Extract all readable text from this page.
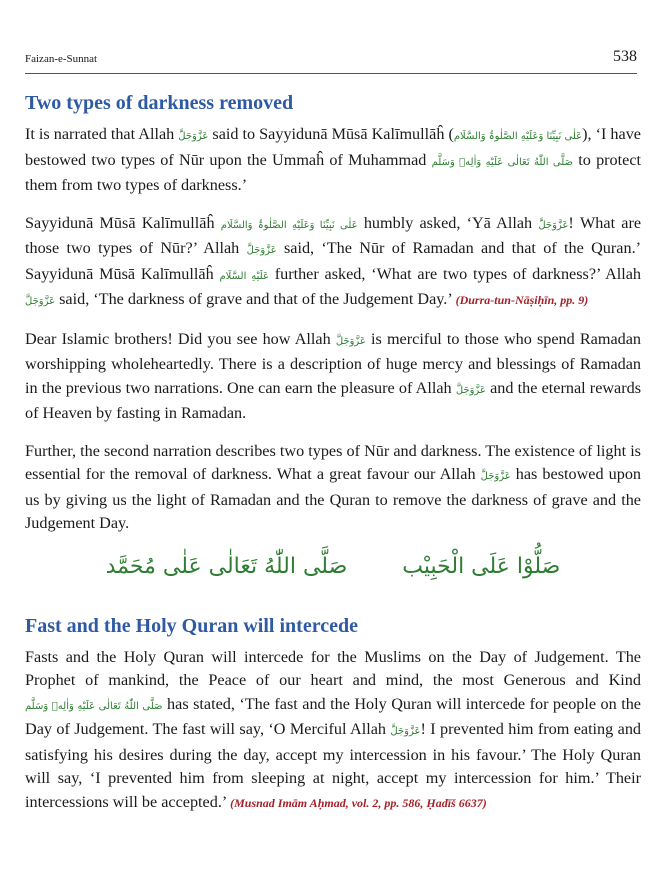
Faizan-e-Sunnat	538
Two types of darkness removed

It is narrated that Allah عَزَّوَجَلَّ said to Sayyidunā Mūsā Kalīmullāĥ (عَلٰی نَبِیِّنَا وَعَلَیْهِ الصَّلٰوۃُ وَالسَّلَام), ‘I have bestowed two types of Nūr upon the Ummaĥ of Muhammad صَلَّی اللّٰهُ تَعَالٰی عَلَیْهِ وَاٰلِهٖ وَسَلَّم to protect them from two types of darkness.’

Sayyidunā Mūsā Kalīmullāĥ عَلٰی نَبِیِّنَا وَعَلَیْهِ الصَّلٰوۃُ وَالسَّلَام humbly asked, ‘Yā Allah عَزَّوَجَلَّ! What are those two types of Nūr?’ Allah عَزَّوَجَلَّ said, ‘The Nūr of Ramadan and that of the Quran.’ Sayyidunā Mūsā Kalīmullāĥ عَلَیْهِ السَّلَام further asked, ‘What are two types of darkness?’ Allah عَزَّوَجَلَّ said, ‘The darkness of grave and that of the Judgement Day.’ (Durra-tun-Nāṣiḥīn, pp. 9)

Dear Islamic brothers! Did you see how Allah عَزَّوَجَلَّ is merciful to those who spend Ramadan worshipping wholeheartedly. There is a description of huge mercy and blessings of Ramadan in the previous two narrations. One can earn the pleasure of Allah عَزَّوَجَلَّ and the eternal rewards of Heaven by fasting in Ramadan.

Further, the second narration describes two types of Nūr and darkness. The existence of light is essential for the removal of darkness. What a great favour our Allah عَزَّوَجَلَّ has bestowed upon us by giving us the light of Ramadan and the Quran to remove the darkness of grave and the Judgement Day.

صَلُّوْا عَلَی الْحَبِیْب صَلَّی اللّٰهُ تَعَالٰی عَلٰی مُحَمَّد
Fast and the Holy Quran will intercede

Fasts and the Holy Quran will intercede for the Muslims on the Day of Judgement. The Prophet of mankind, the Peace of our heart and mind, the most Generous and Kind صَلَّی اللّٰهُ تَعَالٰی عَلَیْهِ وَاٰلِهٖ وَسَلَّم has stated, ‘The fast and the Holy Quran will intercede for people on the Day of Judgement. The fast will say, ‘O Merciful Allah عَزَّوَجَلَّ! I prevented him from eating and satisfying his desires during the day, accept my intercession in his favour.’ The Holy Quran will say, ‘I prevented him from sleeping at night, accept my intercession for him.’ Their intercessions will be accepted.’ (Musnad Imām Aḥmad, vol. 2, pp. 586, Ḥadīš 6637)
